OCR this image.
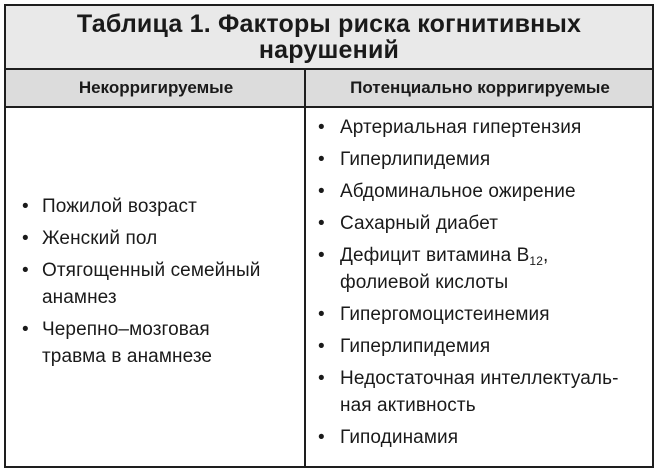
Таблица 1. Факторы риска когнитивных
нарушений
Некорригируемые	Потенциально корригируемые
• Пожилой возраст
• Женский пол
• Отягощенный семейный
анамнез
• Черепно–мозговая
травма в анамнезе
• Артериальная гипертензия
• Гиперлипидемия
• Абдоминальное ожирение
• Сахарный диабет
• Дефицит витамина $B_{12}$,
фолиевой кислоты
• Гипергомоцистеинемия
• Гиперлипидемия
• Недостаточная интеллектуаль-
ная активность
• Гиподинамия
